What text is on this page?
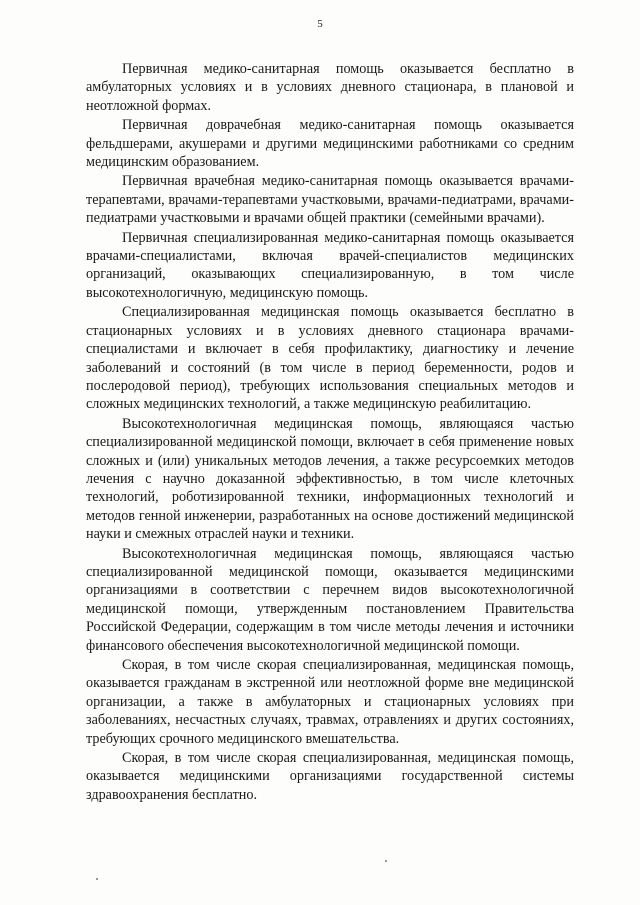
5

Первичная медико-санитарная помощь оказывается бесплатно в амбулаторных условиях и в условиях дневного стационара, в плановой и неотложной формах.

Первичная доврачебная медико-санитарная помощь оказывается фельдшерами, акушерами и другими медицинскими работниками со средним медицинским образованием.

Первичная врачебная медико-санитарная помощь оказывается врачами-терапевтами, врачами-терапевтами участковыми, врачами-педиатрами, врачами-педиатрами участковыми и врачами общей практики (семейными врачами).

Первичная специализированная медико-санитарная помощь оказывается врачами-специалистами, включая врачей-специалистов медицинских организаций, оказывающих специализированную, в том числе высокотехнологичную, медицинскую помощь.

Специализированная медицинская помощь оказывается бесплатно в стационарных условиях и в условиях дневного стационара врачами-специалистами и включает в себя профилактику, диагностику и лечение заболеваний и состояний (в том числе в период беременности, родов и послеродовой период), требующих использования специальных методов и сложных медицинских технологий, а также медицинскую реабилитацию.

Высокотехнологичная медицинская помощь, являющаяся частью специализированной медицинской помощи, включает в себя применение новых сложных и (или) уникальных методов лечения, а также ресурсоемких методов лечения с научно доказанной эффективностью, в том числе клеточных технологий, роботизированной техники, информационных технологий и методов генной инженерии, разработанных на основе достижений медицинской науки и смежных отраслей науки и техники.

Высокотехнологичная медицинская помощь, являющаяся частью специализированной медицинской помощи, оказывается медицинскими организациями в соответствии с перечнем видов высокотехнологичной медицинской помощи, утвержденным постановлением Правительства Российской Федерации, содержащим в том числе методы лечения и источники финансового обеспечения высокотехнологичной медицинской помощи.

Скорая, в том числе скорая специализированная, медицинская помощь, оказывается гражданам в экстренной или неотложной форме вне медицинской организации, а также в амбулаторных и стационарных условиях при заболеваниях, несчастных случаях, травмах, отравлениях и других состояниях, требующих срочного медицинского вмешательства.

Скорая, в том числе скорая специализированная, медицинская помощь, оказывается медицинскими организациями государственной системы здравоохранения бесплатно.
